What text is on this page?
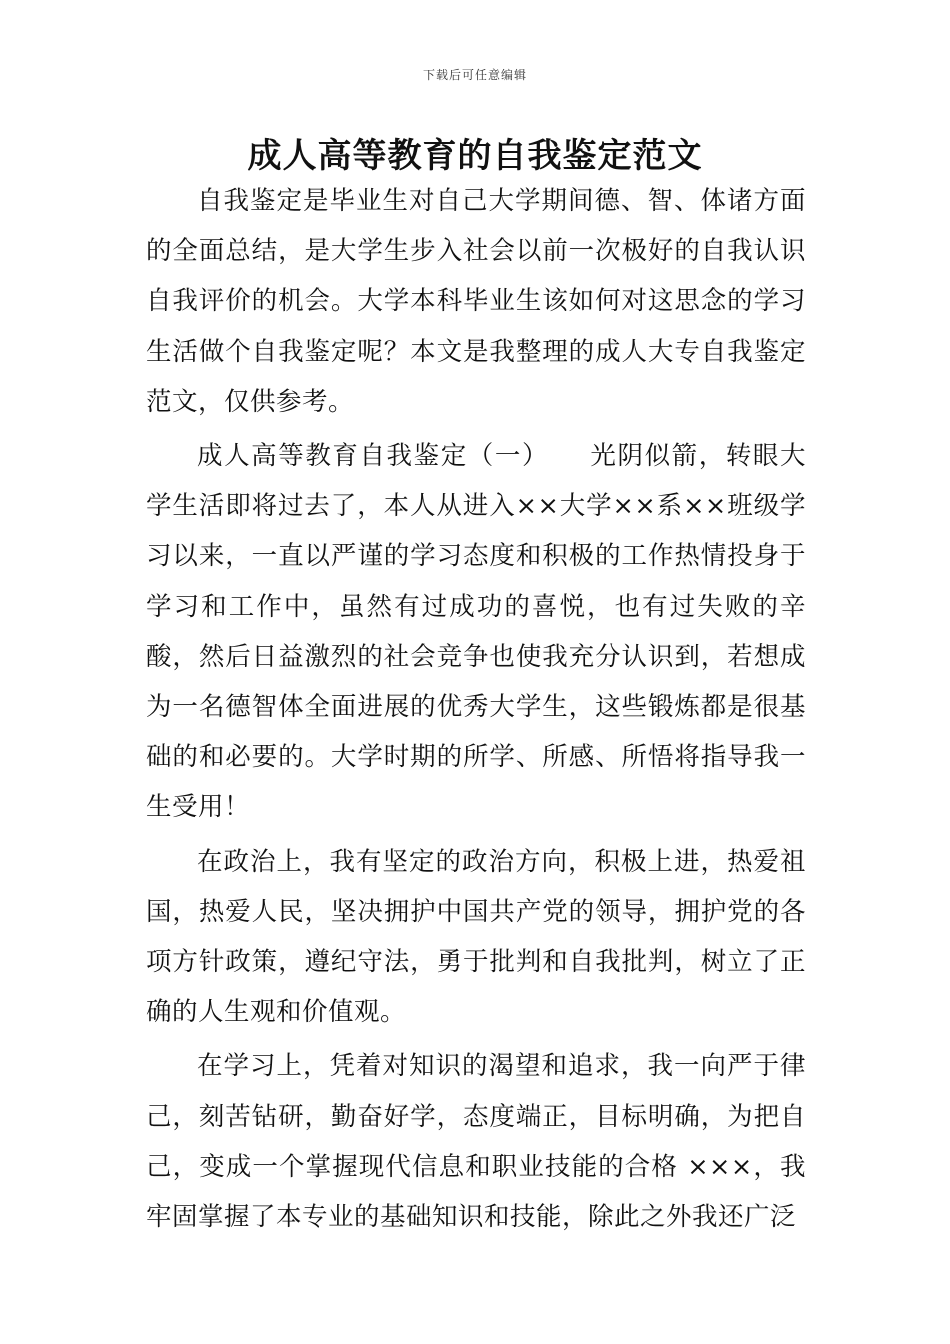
下载后可任意编辑
成人高等教育的自我鉴定范文

自我鉴定是毕业生对自己大学期间德、智、体诸方面的全面总结，是大学生步入社会以前一次极好的自我认识自我评价的机会。大学本科毕业生该如何对这思念的学习生活做个自我鉴定呢？本文是我整理的成人大专自我鉴定范文，仅供参考。

成人高等教育自我鉴定（一）　　光阴似箭，转眼大学生活即将过去了，本人从进入××大学××系××班级学习以来，一直以严谨的学习态度和积极的工作热情投身于学习和工作中，虽然有过成功的喜悦，也有过失败的辛酸，然后日益激烈的社会竞争也使我充分认识到，若想成为一名德智体全面进展的优秀大学生，这些锻炼都是很基础的和必要的。大学时期的所学、所感、所悟将指导我一生受用！

在政治上，我有坚定的政治方向，积极上进，热爱祖国，热爱人民，坚决拥护中国共产党的领导，拥护党的各项方针政策，遵纪守法，勇于批判和自我批判，树立了正确的人生观和价值观。

在学习上，凭着对知识的渴望和追求，我一向严于律己，刻苦钻研，勤奋好学，态度端正，目标明确，为把自己，变成一个掌握现代信息和职业技能的合格 ×××，我牢固掌握了本专业的基础知识和技能，除此之外我还广泛
